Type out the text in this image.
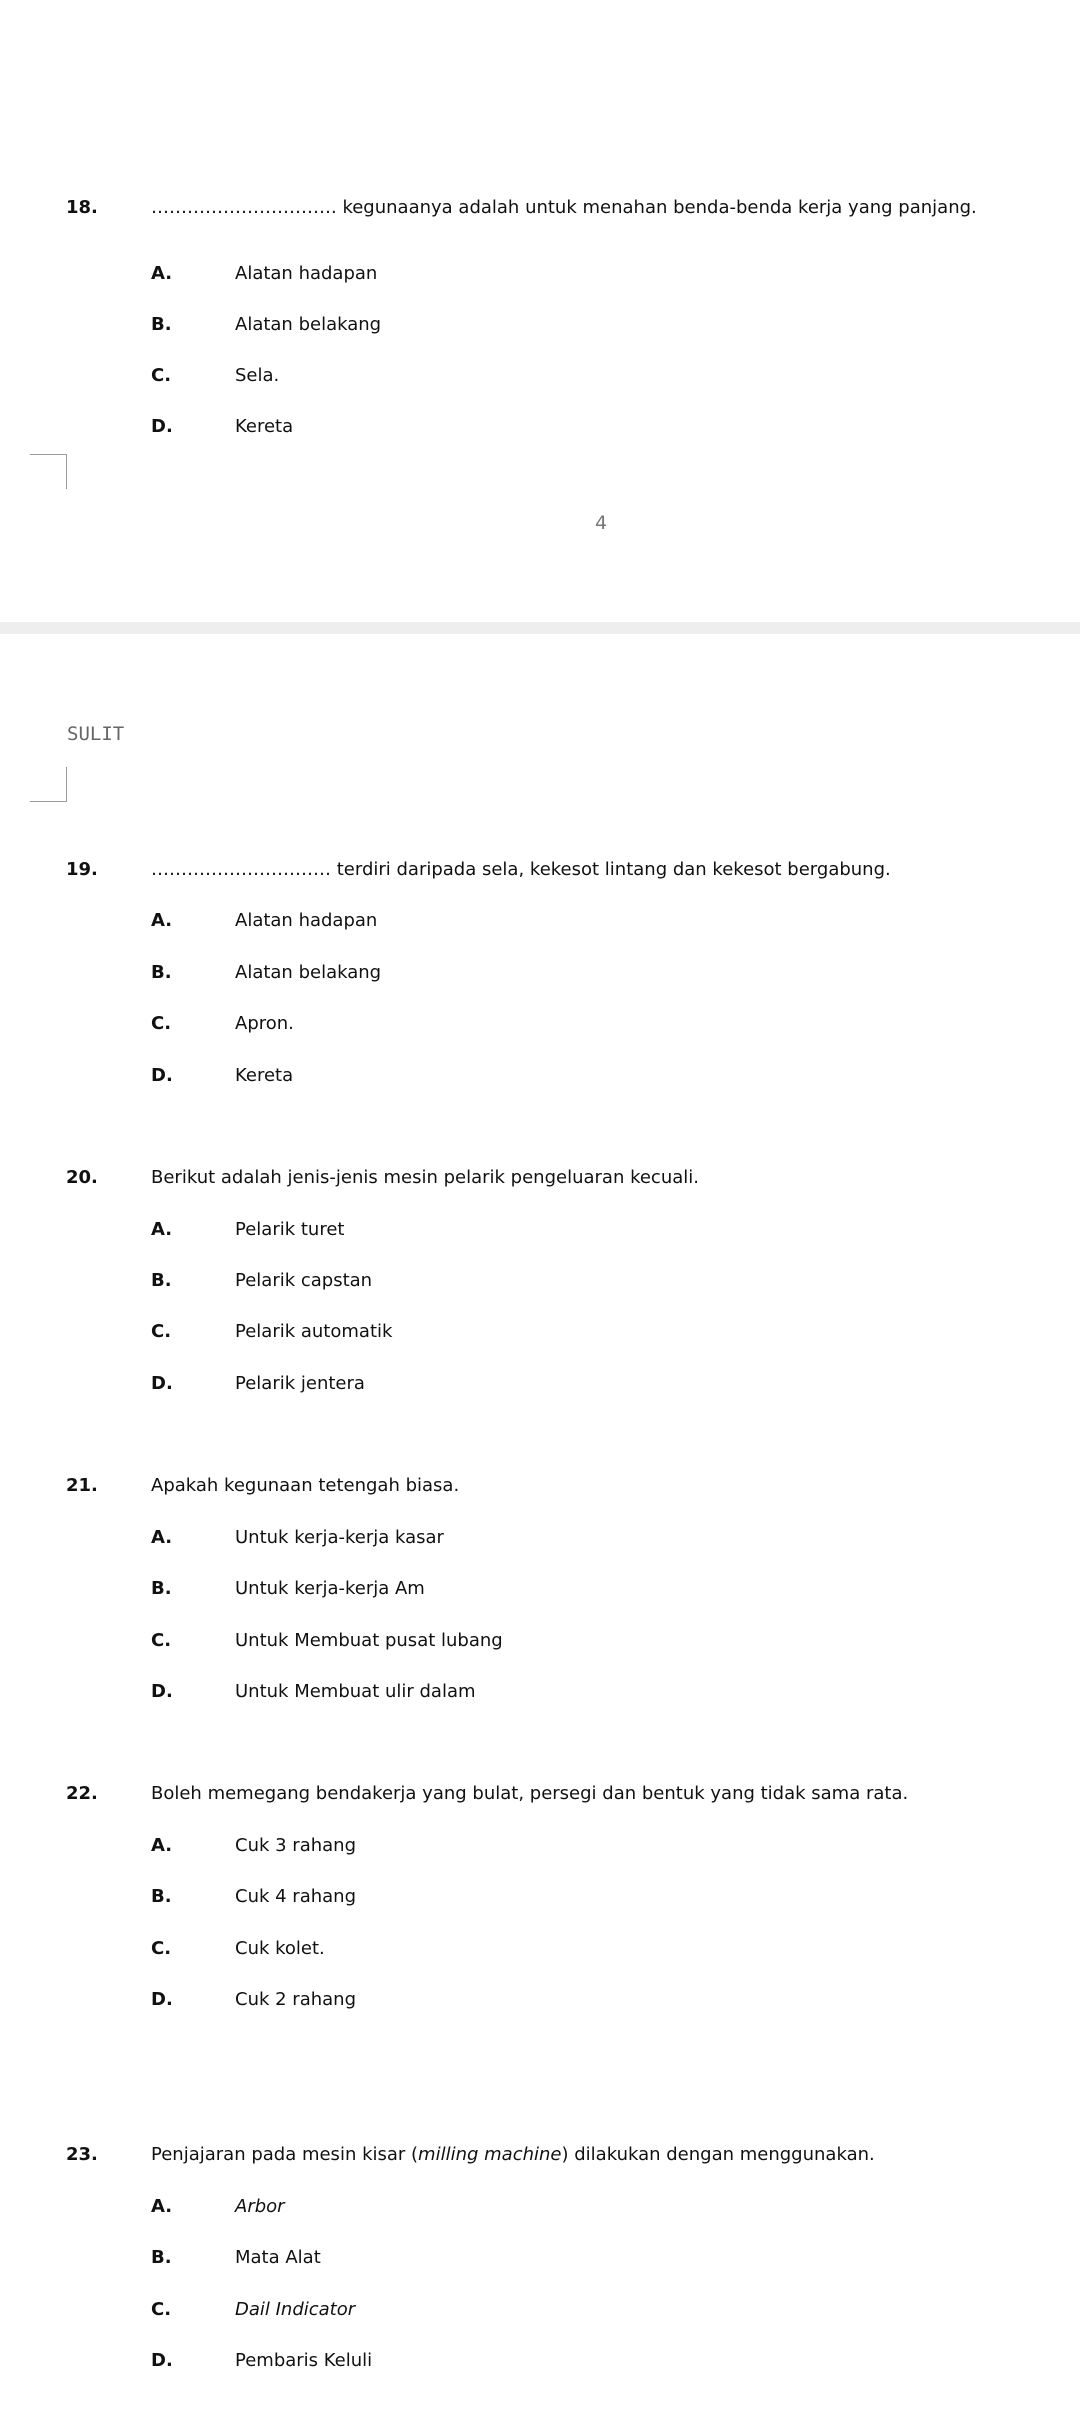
18.	…………………………. kegunaanya adalah untuk menahan benda-benda kerja yang panjang.
A.	Alatan hadapan
B.	Alatan belakang
C.	Sela.
D.	Kereta
4
SULIT
19.	………………………… terdiri daripada sela, kekesot lintang dan kekesot bergabung.
A.	Alatan hadapan
B.	Alatan belakang
C.	Apron.
D.	Kereta
20.	Berikut adalah jenis-jenis mesin pelarik pengeluaran kecuali.
A.	Pelarik turet
B.	Pelarik capstan
C.	Pelarik automatik
D.	Pelarik jentera
21.	Apakah kegunaan tetengah biasa.
A.	Untuk kerja-kerja kasar
B.	Untuk kerja-kerja Am
C.	Untuk Membuat pusat lubang
D.	Untuk Membuat ulir dalam
22.	Boleh memegang bendakerja yang bulat, persegi dan bentuk yang tidak sama rata.
A.	Cuk 3 rahang
B.	Cuk 4 rahang
C.	Cuk kolet.
D.	Cuk 2 rahang
23.	Penjajaran pada mesin kisar (milling machine) dilakukan dengan menggunakan.
A.	Arbor
B.	Mata Alat
C.	Dail Indicator
D.	Pembaris Keluli
